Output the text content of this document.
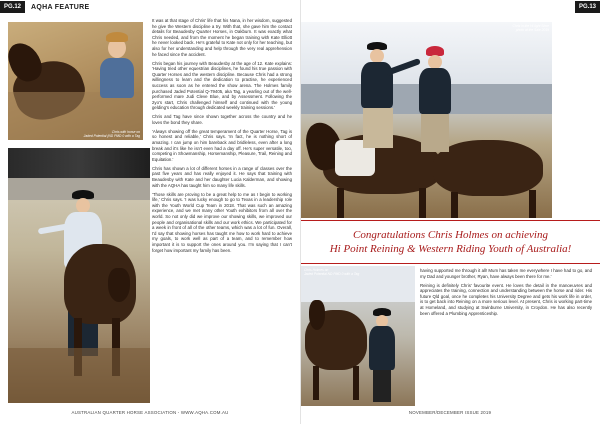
PG.12	AQHA FEATURE
Chris with horse on
Jaded Potential (ND PMD 0 with a Tag

It was at that stage of Chris' life that his Nana, in her wisdom, suggested he give the Western discipline a try. With that, she gave him the contact details for Beaudesby Quarter Horses, in Oakburn. It was exactly what Chris needed, and from the moment he began training with Kate Elliott he never looked back. He's grateful to Kate not only for her teaching, but also for her understanding and help through the very real apprehension he faced since the accident.

Chris began his journey with Beaudesby at the age of 12. Kate explains: 'Having tried other equestrian disciplines, he found his true passion with Quarter Horses and the western discipline. Because Chris had a strong willingness to learn and the dedication to practise, he experienced success as soon as he entered the show arena. The Holmes family purchased Jaded Potential Q-79405, aka Tag, a yearling out of the well-performed mare Judi Cleve Blue, and by Assessment. Following the 2yo's start, Chris challenged himself and continued with the young gelding's education through dedicated weekly training sessions.'

Chris and Tag have since shown together across the country and he loves the bond they share.

'Always showing off the great temperament of the Quarter Horse, Tag is so honest and reliable,' Chris says. 'In fact, he is nothing short of amazing. I can jump on him bareback and bridleless, even after a long break and it's like he isn't even had a day off. He's super versatile, too, competing in Showmanship, Horsemanship, Pleasure, Trail, Reining and Equitation.'

Chris has shown a lot of different horses in a range of classes over the past five years and has really enjoyed it. He says that training with Beaudesby with Kate and her daughter Lucia Kalderman, and showing with the AQHA has taught him so many life skills.

'Those skills are proving to be a great help to me as I begin to working life,' Chris says. 'I was lucky enough to go to Texas in a leadership role with the Youth World Cup Team in 2018. That was such an amazing experience, and we met many other Youth exhibitors from all over the world. So not only did we improve our showing skills, we improved our people and organisational skills and our work ethics. We participated for a week in front of all of the other teams, which was a lot of fun. Overall, I'd say that showing horses has taught me how to work hard to achieve my goals, to work well as part of a team, and to remember how important it is to support the ones around you. I'm saying that I can't forget how important my family has been.

AUSTRALIAN QUARTER HORSE ASSOCIATION - WWW.AQHA.COM.AU
PG.13
Chris in the Hi-light Shoe
photo at the Sale 2019
Congratulations Chris Holmes on achieving
Hi Point Reining & Western Riding Youth of Australia!
Chris Holmes on
Jaded Potential ND PMD 0 with a Tag

having supported me through it all! Mum has taken me everywhere I have had to go, and my Dad and younger brother, Ryan, have always been there for me.'

Reining is definitely Chris' favourite event. He loves the detail in the manoeuvres and appreciates the training, connection and understanding between the horse and rider. His future Qld goal, once he completes his University Degree and gets his work life in order, is to get back into Reining on a more serious level. At present, Chris is working part-time at Homeland, and studying at Swinburne University, in Croydon. He has also recently been offered a Plumbing Apprenticeship.

NOVEMBER/DECEMBER ISSUE 2019
